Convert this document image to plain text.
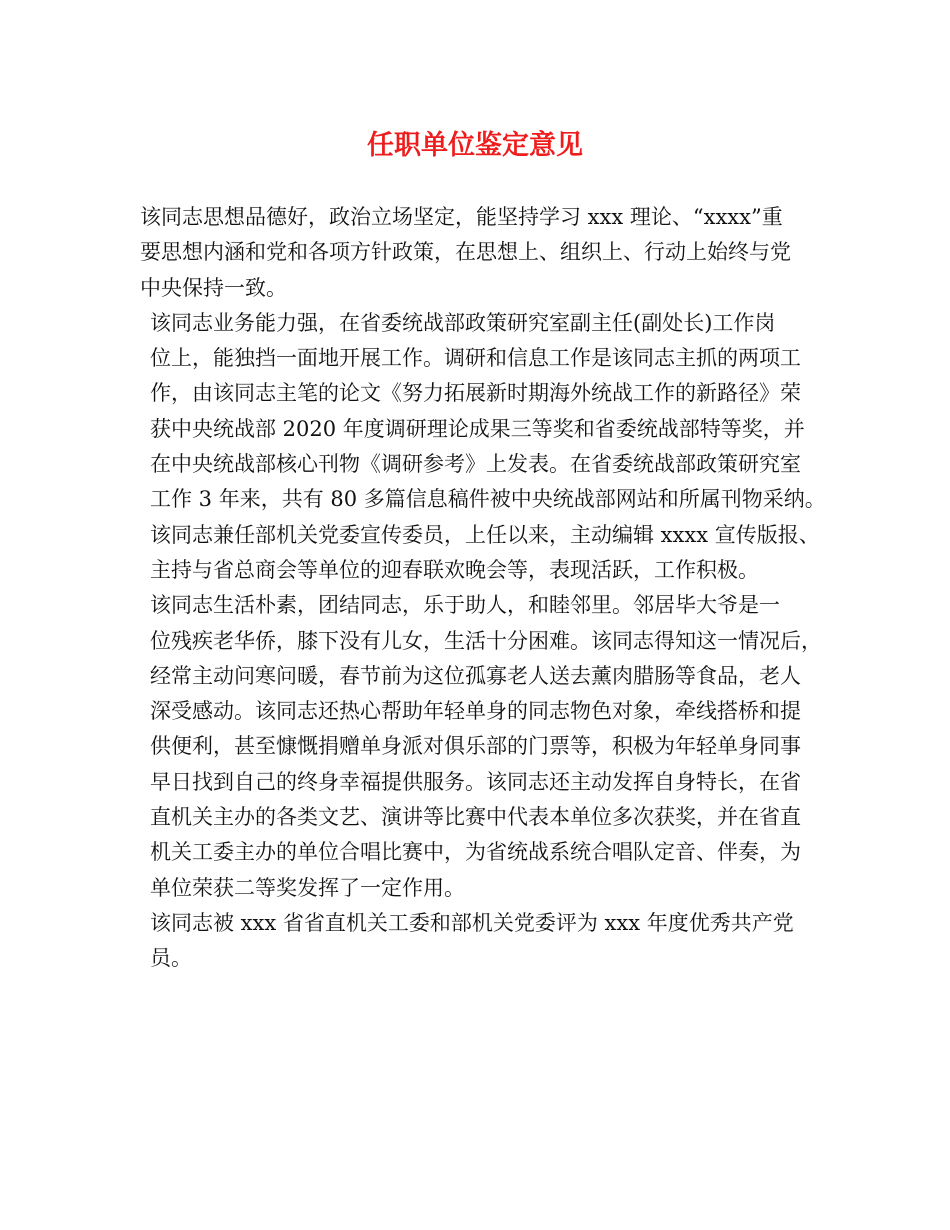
任职单位鉴定意见

该同志思想品德好，政治立场坚定，能坚持学习 xxx 理论、“xxxx”重
要思想内涵和党和各项方针政策，在思想上、组织上、行动上始终与党
中央保持一致。

该同志业务能力强，在省委统战部政策研究室副主任(副处长)工作岗
位上，能独挡一面地开展工作。调研和信息工作是该同志主抓的两项工
作，由该同志主笔的论文《努力拓展新时期海外统战工作的新路径》荣
获中央统战部 2020 年度调研理论成果三等奖和省委统战部特等奖，并
在中央统战部核心刊物《调研参考》上发表。在省委统战部政策研究室
工作 3 年来，共有 80 多篇信息稿件被中央统战部网站和所属刊物采纳。
该同志兼任部机关党委宣传委员，上任以来，主动编辑 xxxx 宣传版报、
主持与省总商会等单位的迎春联欢晚会等，表现活跃，工作积极。

该同志生活朴素，团结同志，乐于助人，和睦邻里。邻居毕大爷是一
位残疾老华侨，膝下没有儿女，生活十分困难。该同志得知这一情况后，
经常主动问寒问暖，春节前为这位孤寡老人送去薰肉腊肠等食品，老人
深受感动。该同志还热心帮助年轻单身的同志物色对象，牵线搭桥和提
供便利，甚至慷慨捐赠单身派对俱乐部的门票等，积极为年轻单身同事
早日找到自己的终身幸福提供服务。该同志还主动发挥自身特长，在省
直机关主办的各类文艺、演讲等比赛中代表本单位多次获奖，并在省直
机关工委主办的单位合唱比赛中，为省统战系统合唱队定音、伴奏，为
单位荣获二等奖发挥了一定作用。

该同志被 xxx 省省直机关工委和部机关党委评为 xxx 年度优秀共产党
员。
